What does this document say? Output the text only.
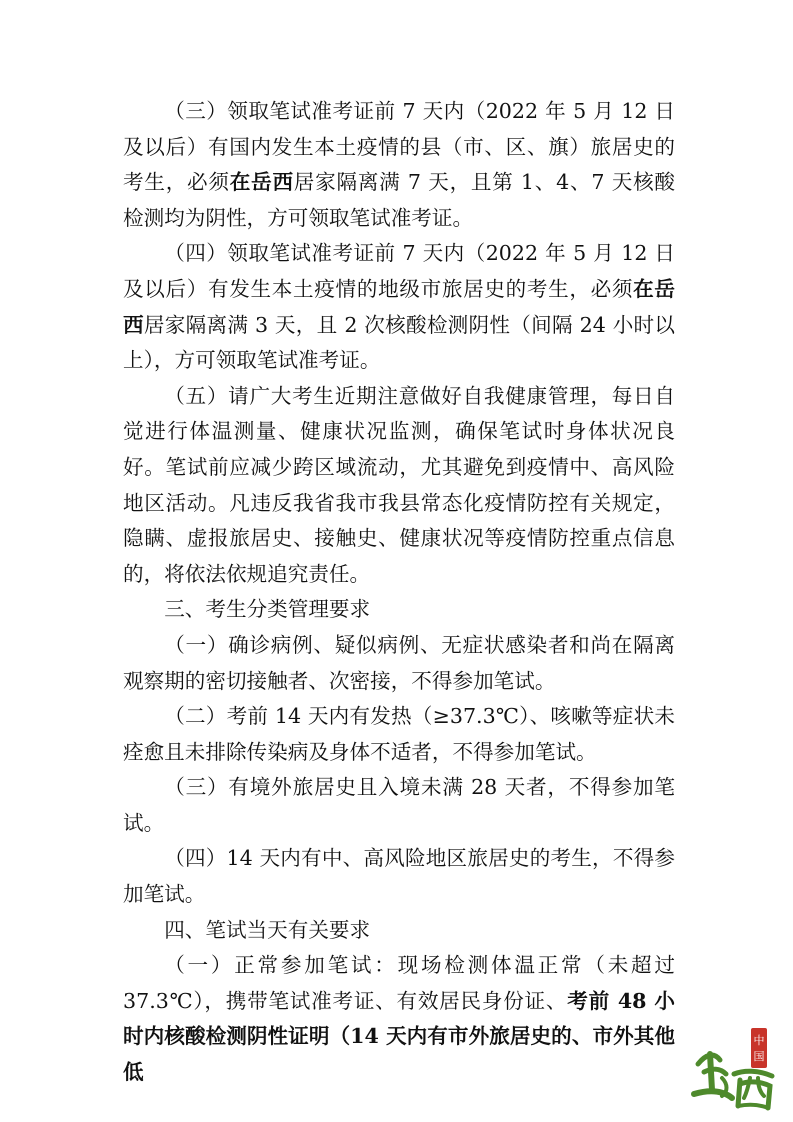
（三）领取笔试准考证前 7 天内（2022 年 5 月 12 日及以后）有国内发生本土疫情的县（市、区、旗）旅居史的考生，必须在岳西居家隔离满 7 天，且第 1、4、7 天核酸检测均为阴性，方可领取笔试准考证。

（四）领取笔试准考证前 7 天内（2022 年 5 月 12 日及以后）有发生本土疫情的地级市旅居史的考生，必须在岳西居家隔离满 3 天，且 2 次核酸检测阴性（间隔 24 小时以上），方可领取笔试准考证。

（五）请广大考生近期注意做好自我健康管理，每日自觉进行体温测量、健康状况监测，确保笔试时身体状况良好。笔试前应减少跨区域流动，尤其避免到疫情中、高风险地区活动。凡违反我省我市我县常态化疫情防控有关规定，隐瞒、虚报旅居史、接触史、健康状况等疫情防控重点信息的，将依法依规追究责任。

三、考生分类管理要求

（一）确诊病例、疑似病例、无症状感染者和尚在隔离观察期的密切接触者、次密接，不得参加笔试。

（二）考前 14 天内有发热（≥37.3℃）、咳嗽等症状未痊愈且未排除传染病及身体不适者，不得参加笔试。

（三）有境外旅居史且入境未满 28 天者，不得参加笔试。

（四）14 天内有中、高风险地区旅居史的考生，不得参加笔试。

四、笔试当天有关要求

（一）正常参加笔试：现场检测体温正常（未超过 37.3℃），携带笔试准考证、有效居民身份证、考前 48 小时内核酸检测阴性证明（14 天内有市外旅居史的、市外其他低

中
国
